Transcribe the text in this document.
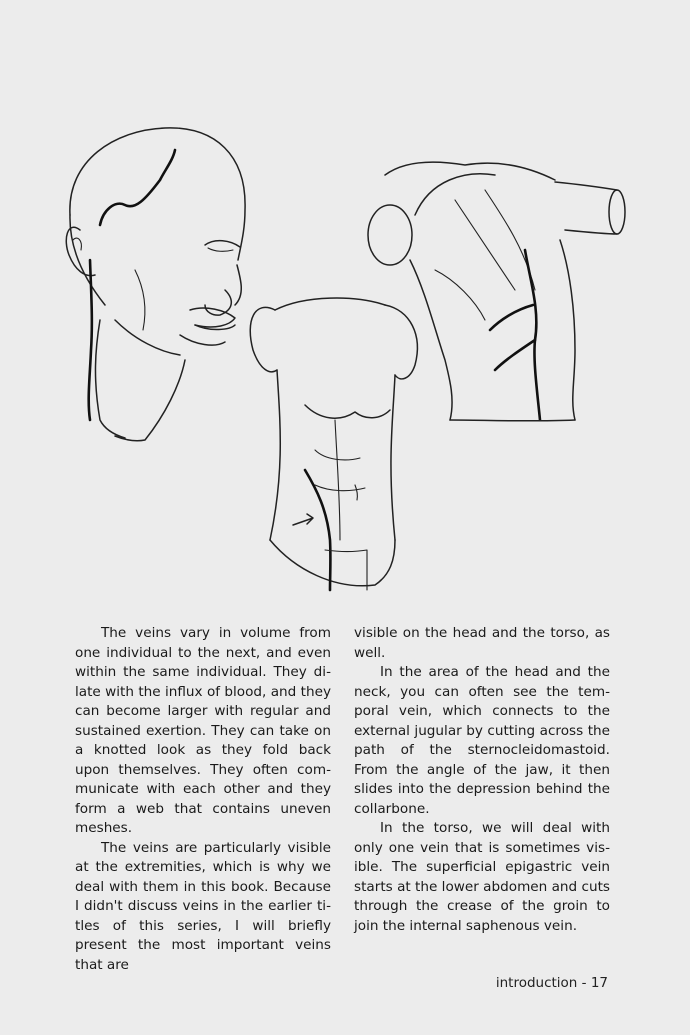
The veins vary in volume from one individual to the next, and even within the same individual. They di-late with the influx of blood, and they can become larger with regular and sustained exertion. They can take on a knotted look as they fold back upon themselves. They often com-municate with each other and they form a web that contains uneven meshes.

The veins are particularly visible at the extremities, which is why we deal with them in this book. Because I didn't discuss veins in the earlier ti-tles of this series, I will briefly present the most important veins that are

visible on the head and the torso, as well.

In the area of the head and the neck, you can often see the tem-poral vein, which connects to the external jugular by cutting across the path of the sternocleidomastoid. From the angle of the jaw, it then slides into the depression behind the collarbone.

In the torso, we will deal with only one vein that is sometimes vis-ible. The superficial epigastric vein starts at the lower abdomen and cuts through the crease of the groin to join the internal saphenous vein.

introduction - 17
